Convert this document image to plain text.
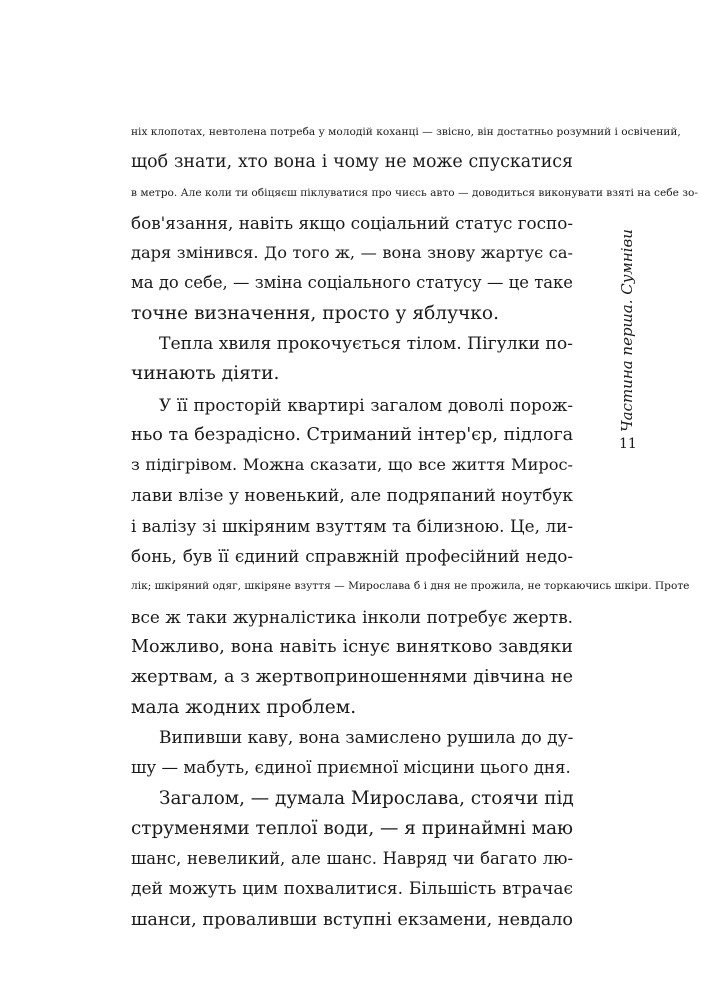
ніх клопотах, невтолена потреба у молодій коханці — звісно, він достатньо розумний і освічений,
щоб знати, хто вона і чому не може спускатися
в метро. Але коли ти обіцяєш піклуватися про чиєсь авто — доводиться виконувати взяті на себе зо-
бов'язання, навіть якщо соціальний статус госпо-
даря змінився. До того ж, — вона знову жартує са-
ма до себе, — зміна соціального статусу — це таке
точне визначення, просто у яблучко.
Тепла хвиля прокочується тілом. Пігулки по-
чинають діяти.
У її просторій квартирі загалом доволі порож-
ньо та безрадісно. Стриманий інтер'єр, підлога
з підігрівом. Можна сказати, що все життя Мирос-
лави влізе у новенький, але подряпаний ноутбук
і валізу зі шкіряним взуттям та білизною. Це, ли-
бонь, був її єдиний справжній професійний недо-
лік; шкіряний одяг, шкіряне взуття — Мирослава б і дня не прожила, не торкаючись шкіри. Проте
все ж таки журналістика інколи потребує жертв.
Можливо, вона навіть існує винятково завдяки
жертвам, а з жертвоприношеннями дівчина не
мала жодних проблем.
Випивши каву, вона замислено рушила до ду-
шу — мабуть, єдиної приємної місцини цього дня.
Загалом, — думала Мирослава, стоячи під
струменями теплої води, — я принаймні маю
шанс, невеликий, але шанс. Навряд чи багато лю-
дей можуть цим похвалитися. Більшість втрачає
шанси, проваливши вступні екзамени, невдало
Частина перша. Сумніви
11
